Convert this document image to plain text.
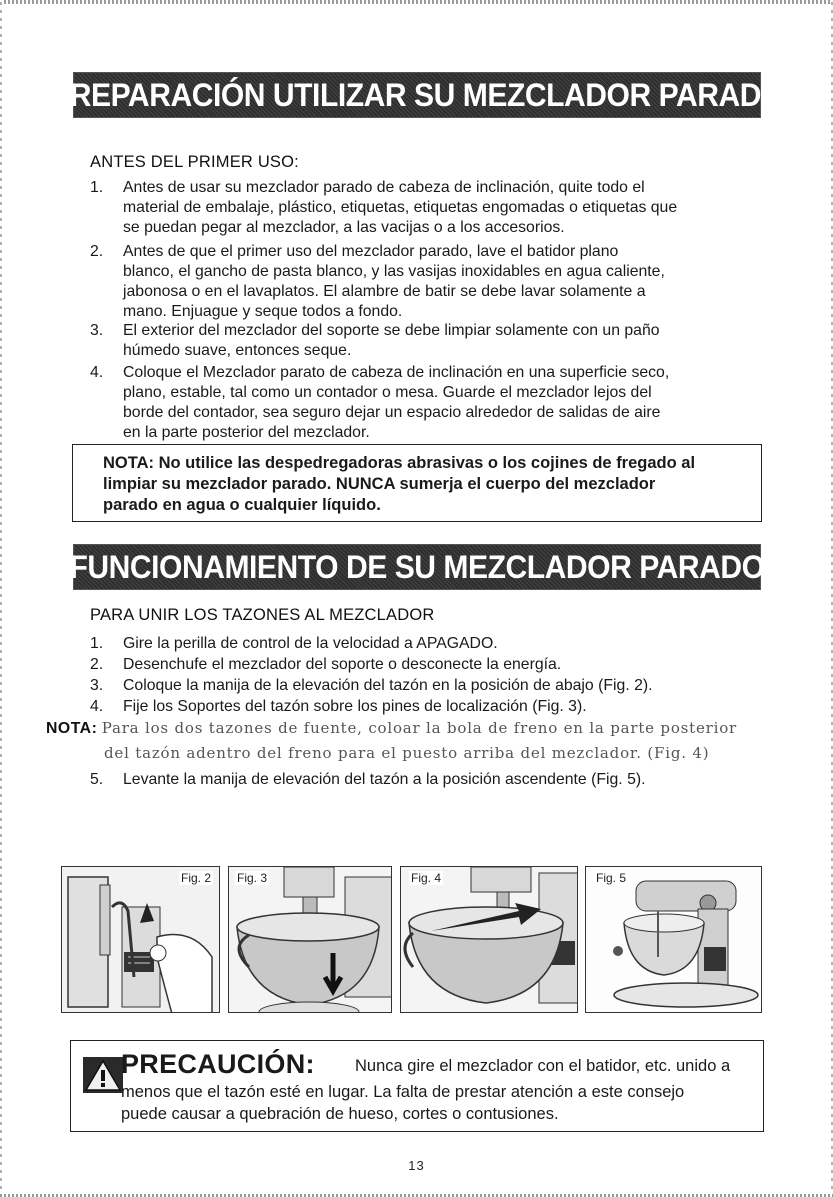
PREPARACIÓN UTILIZAR SU MEZCLADOR PARADO
ANTES DEL PRIMER USO:
1.	Antes de usar su mezclador parado de cabeza de inclinación, quite todo el
material de embalaje, plástico, etiquetas, etiquetas engomadas o etiquetas que
se puedan pegar al mezclador, a las vacijas o a los accesorios.
2.	Antes de que el primer uso del mezclador parado, lave el batidor plano
blanco, el gancho de pasta blanco, y las vasijas inoxidables en agua caliente,
jabonosa o en el lavaplatos. El alambre de batir se debe lavar solamente a
mano. Enjuague y seque todos a fondo.
3.	El exterior del mezclador del soporte se debe limpiar solamente con un paño
húmedo suave, entonces seque.
4.	Coloque el Mezclador parato de cabeza de inclinación en una superficie seco,
plano, estable, tal como un contador o mesa. Guarde el mezclador lejos del
borde del contador, sea seguro dejar un espacio alrededor de salidas de aire
en la parte posterior del mezclador.
NOTA: No utilice las despedregadoras abrasivas o los cojines de fregado al
limpiar su mezclador parado. NUNCA sumerja el cuerpo del mezclador
parado en agua o cualquier líquido.
FUNCIONAMIENTO DE SU MEZCLADOR PARADO
PARA UNIR LOS TAZONES AL MEZCLADOR
1.	Gire la perilla de control de la velocidad a APAGADO.
2.	Desenchufe el mezclador del soporte o desconecte la energía.
3.	Coloque la manija de la elevación del tazón en la posición de abajo (Fig. 2).
4.	Fije los Soportes del tazón sobre los pines de localización (Fig. 3).
NOTA: Para los dos tazones de fuente, coloar la bola de freno en la parte posterior
del tazón adentro del freno para el puesto arriba del mezclador. (Fig. 4)
5.	Levante la manija de elevación del tazón a la posición ascendente (Fig. 5).
Fig. 2 Fig. 3	Fig. 4	Fig. 5
PRECAUCIÓN: Nunca gire el mezclador con el batidor, etc. unido a
menos que el tazón esté en lugar. La falta de prestar atención a este consejo
puede causar a quebración de hueso, cortes o contusiones.
13
